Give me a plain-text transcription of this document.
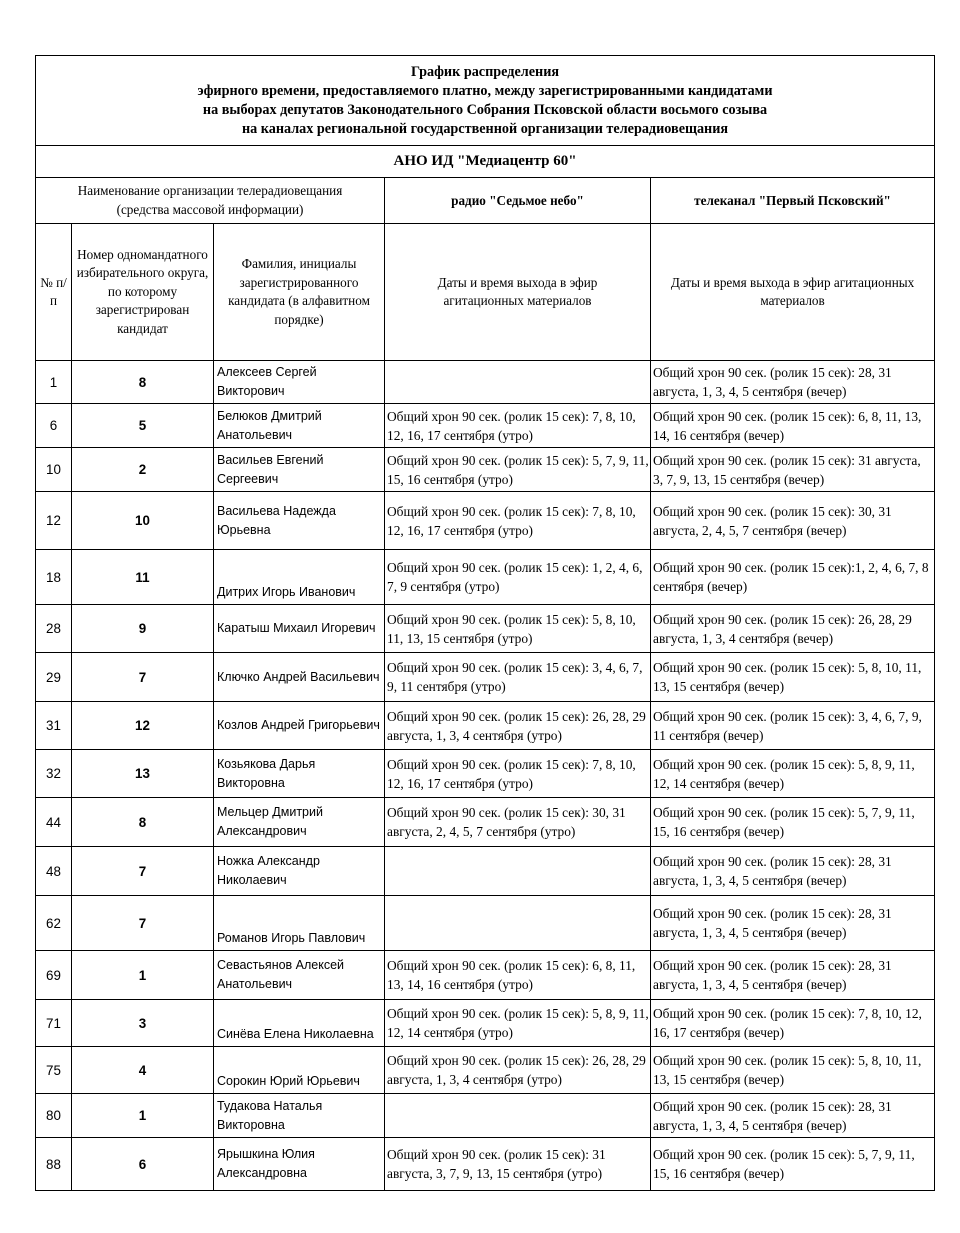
График распределения
эфирного времени, предоставляемого платно, между зарегистрированными кандидатами
на выборах депутатов Законодательного Собрания Псковской области восьмого созыва
на каналах региональной государственной организации телерадиовещания				

АНО ИД "Медиацентр 60"				
Наименование организации телерадиовещания (средства массовой информации)			радио "Седьмое небо"	телеканал "Первый Псковский"
№ п/п	Номер одномандатного избирательного округа, по которому зарегистрирован кандидат	Фамилия, инициалы зарегистрированного кандидата (в алфавитном порядке)	Даты и время выхода в эфир агитационных материалов	Даты и время выхода в эфир агитационных материалов
1	8	Алексеев Сергей Викторович		Общий хрон 90 сек. (ролик 15 сек): 28, 31 августа, 1, 3, 4, 5 сентября (вечер)
6	5	Белюков Дмитрий Анатольевич	Общий хрон 90 сек. (ролик 15 сек): 7, 8, 10, 12, 16, 17 сентября (утро)	Общий хрон 90 сек. (ролик 15 сек): 6, 8, 11, 13, 14, 16 сентября (вечер)
10	2	Васильев Евгений Сергеевич	Общий хрон 90 сек. (ролик 15 сек): 5, 7, 9, 11, 15, 16 сентября (утро)	Общий хрон 90 сек. (ролик 15 сек): 31 августа, 3, 7, 9, 13, 15 сентября (вечер)
12	10	Васильева Надежда Юрьевна	Общий хрон 90 сек. (ролик 15 сек): 7, 8, 10, 12, 16, 17 сентября (утро)	Общий хрон 90 сек. (ролик 15 сек): 30, 31 августа, 2, 4, 5, 7 сентября (вечер)
18	11	Дитрих Игорь Иванович	Общий хрон 90 сек. (ролик 15 сек): 1, 2, 4, 6, 7, 9 сентября (утро)	Общий хрон 90 сек. (ролик 15 сек):1, 2, 4, 6, 7, 8 сентября (вечер)
28	9	Каратыш Михаил Игоревич	Общий хрон 90 сек. (ролик 15 сек): 5, 8, 10, 11, 13, 15 сентября (утро)	Общий хрон 90 сек. (ролик 15 сек): 26, 28, 29 августа, 1, 3, 4 сентября (вечер)
29	7	Ключко Андрей Васильевич	Общий хрон 90 сек. (ролик 15 сек): 3, 4, 6, 7, 9, 11 сентября (утро)	Общий хрон 90 сек. (ролик 15 сек): 5, 8, 10, 11, 13, 15 сентября (вечер)
31	12	Козлов Андрей Григорьевич	Общий хрон 90 сек. (ролик 15 сек): 26, 28, 29 августа, 1, 3, 4 сентября (утро)	Общий хрон 90 сек. (ролик 15 сек): 3, 4, 6, 7, 9, 11 сентября (вечер)
32	13	Козьякова Дарья Викторовна	Общий хрон 90 сек. (ролик 15 сек): 7, 8, 10, 12, 16, 17 сентября (утро)	Общий хрон 90 сек. (ролик 15 сек): 5, 8, 9, 11, 12, 14 сентября (вечер)
44	8	Мельцер Дмитрий Александрович	Общий хрон 90 сек. (ролик 15 сек): 30, 31 августа, 2, 4, 5, 7 сентября (утро)	Общий хрон 90 сек. (ролик 15 сек): 5, 7, 9, 11, 15, 16 сентября (вечер)
48	7	Ножка Александр Николаевич		Общий хрон 90 сек. (ролик 15 сек): 28, 31 августа, 1, 3, 4, 5 сентября (вечер)
62	7	Романов Игорь Павлович		Общий хрон 90 сек. (ролик 15 сек): 28, 31 августа, 1, 3, 4, 5 сентября (вечер)
69	1	Севастьянов Алексей Анатольевич	Общий хрон 90 сек. (ролик 15 сек): 6, 8, 11, 13, 14, 16 сентября (утро)	Общий хрон 90 сек. (ролик 15 сек): 28, 31 августа, 1, 3, 4, 5 сентября (вечер)
71	3	Синёва Елена Николаевна	Общий хрон 90 сек. (ролик 15 сек): 5, 8, 9, 11, 12, 14 сентября (утро)	Общий хрон 90 сек. (ролик 15 сек): 7, 8, 10, 12, 16, 17 сентября (вечер)
75	4	Сорокин Юрий Юрьевич	Общий хрон 90 сек. (ролик 15 сек): 26, 28, 29 августа, 1, 3, 4 сентября (утро)	Общий хрон 90 сек. (ролик 15 сек): 5, 8, 10, 11, 13, 15 сентября (вечер)
80	1	Тудакова Наталья Викторовна		Общий хрон 90 сек. (ролик 15 сек): 28, 31 августа, 1, 3, 4, 5 сентября (вечер)
88	6	Ярышкина Юлия Александровна	Общий хрон 90 сек. (ролик 15 сек): 31 августа, 3, 7, 9, 13, 15 сентября (утро)	Общий хрон 90 сек. (ролик 15 сек): 5, 7, 9, 11, 15, 16 сентября (вечер)
